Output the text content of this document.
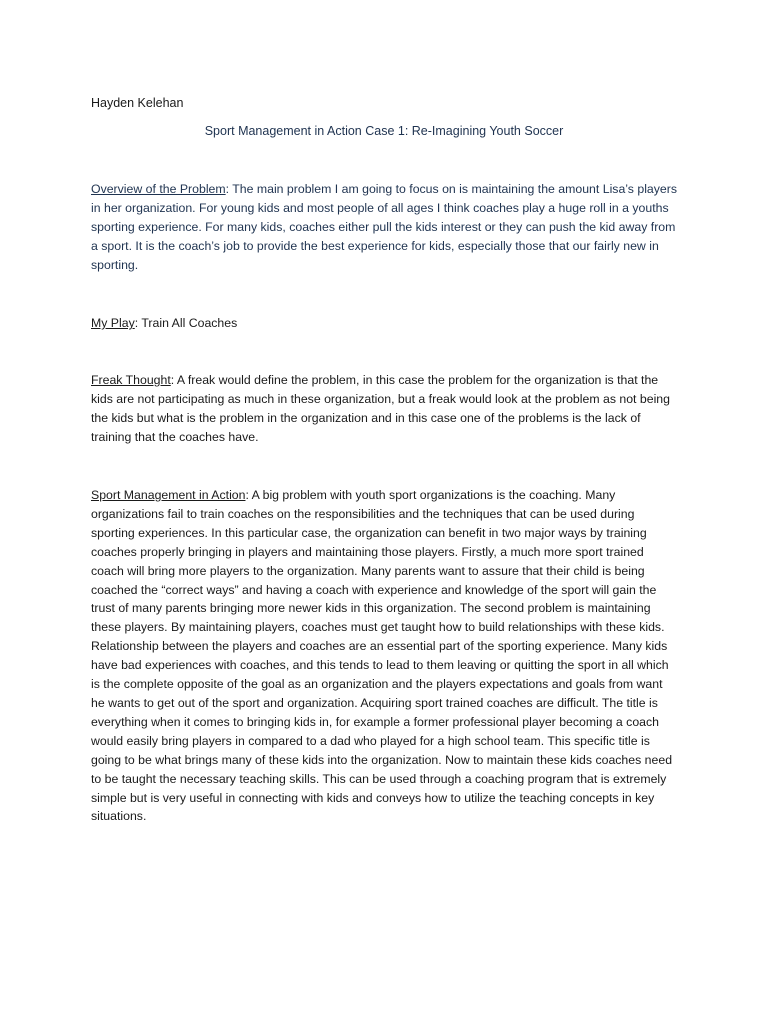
Hayden Kelehan
Sport Management in Action Case 1: Re-Imagining Youth Soccer

Overview of the Problem: The main problem I am going to focus on is maintaining the amount Lisa’s players in her organization. For young kids and most people of all ages I think coaches play a huge roll in a youths sporting experience. For many kids, coaches either pull the kids interest or they can push the kid away from a sport. It is the coach’s job to provide the best experience for kids, especially those that our fairly new in sporting.

My Play: Train All Coaches

Freak Thought: A freak would define the problem, in this case the problem for the organization is that the kids are not participating as much in these organization, but a freak would look at the problem as not being the kids but what is the problem in the organization and in this case one of the problems is the lack of training that the coaches have.

Sport Management in Action: A big problem with youth sport organizations is the coaching. Many organizations fail to train coaches on the responsibilities and the techniques that can be used during sporting experiences. In this particular case, the organization can benefit in two major ways by training coaches properly bringing in players and maintaining those players. Firstly, a much more sport trained coach will bring more players to the organization. Many parents want to assure that their child is being coached the “correct ways” and having a coach with experience and knowledge of the sport will gain the trust of many parents bringing more newer kids in this organization. The second problem is maintaining these players. By maintaining players, coaches must get taught how to build relationships with these kids. Relationship between the players and coaches are an essential part of the sporting experience. Many kids have bad experiences with coaches, and this tends to lead to them leaving or quitting the sport in all which is the complete opposite of the goal as an organization and the players expectations and goals from want he wants to get out of the sport and organization. Acquiring sport trained coaches are difficult. The title is everything when it comes to bringing kids in, for example a former professional player becoming a coach would easily bring players in compared to a dad who played for a high school team. This specific title is going to be what brings many of these kids into the organization. Now to maintain these kids coaches need to be taught the necessary teaching skills. This can be used through a coaching program that is extremely simple but is very useful in connecting with kids and conveys how to utilize the teaching concepts in key situations.
